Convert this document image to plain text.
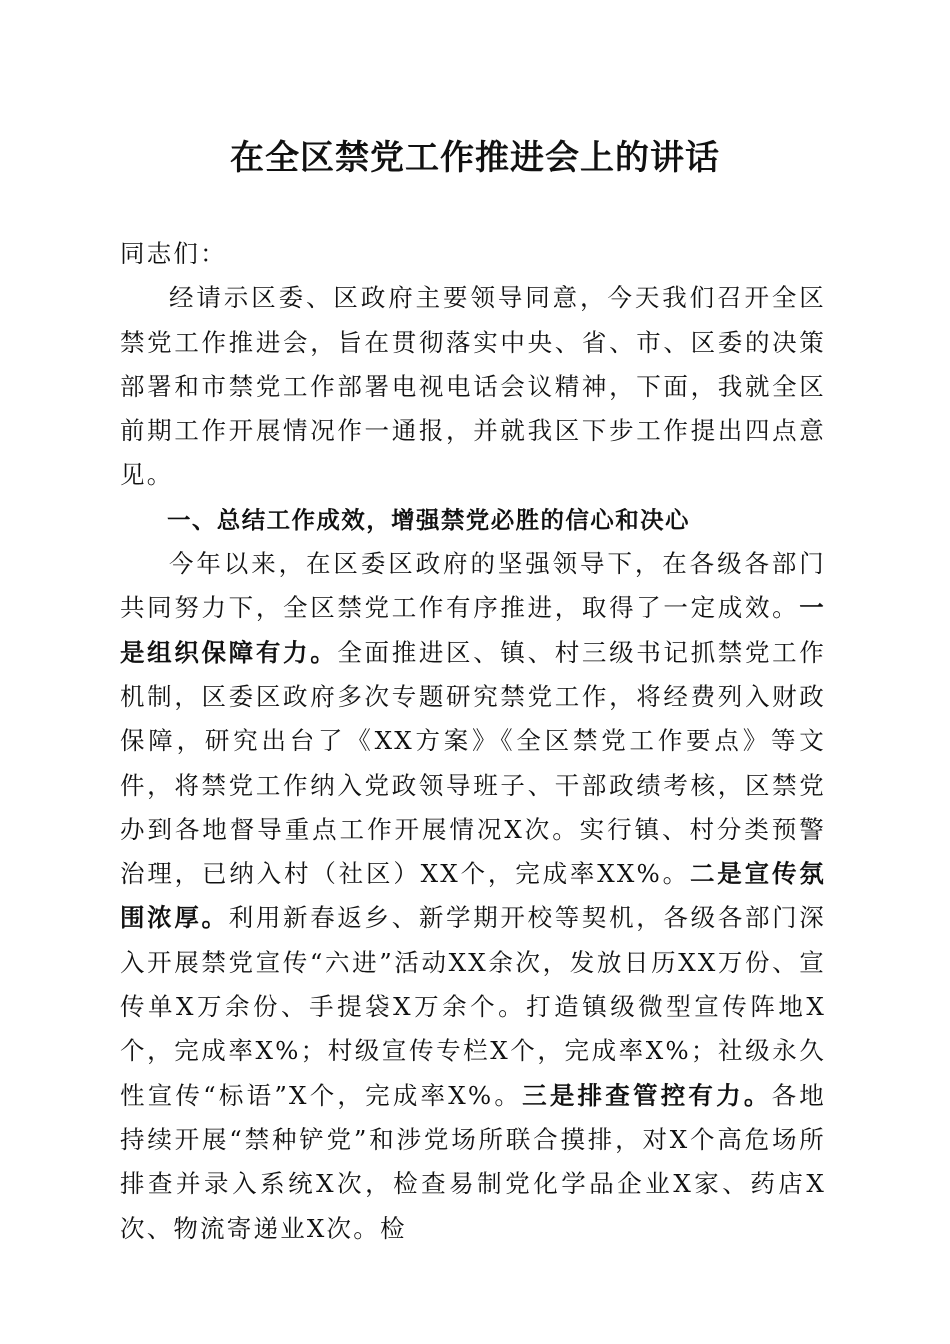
在全区禁党工作推进会上的讲话

同志们：

经请示区委、区政府主要领导同意，今天我们召开全区禁党工作推进会，旨在贯彻落实中央、省、市、区委的决策部署和市禁党工作部署电视电话会议精神，下面，我就全区前期工作开展情况作一通报，并就我区下步工作提出四点意见。

一、总结工作成效，增强禁党必胜的信心和决心

今年以来，在区委区政府的坚强领导下，在各级各部门共同努力下，全区禁党工作有序推进，取得了一定成效。一是组织保障有力。全面推进区、镇、村三级书记抓禁党工作机制，区委区政府多次专题研究禁党工作，将经费列入财政保障，研究出台了《XX方案》《全区禁党工作要点》等文件，将禁党工作纳入党政领导班子、干部政绩考核，区禁党办到各地督导重点工作开展情况X次。实行镇、村分类预警治理，已纳入村（社区）XX个，完成率XX%。二是宣传氛围浓厚。利用新春返乡、新学期开校等契机，各级各部门深入开展禁党宣传“六进”活动XX余次，发放日历XX万份、宣传单X万余份、手提袋X万余个。打造镇级微型宣传阵地X个，完成率X%；村级宣传专栏X个，完成率X%；社级永久性宣传“标语”X个，完成率X%。三是排查管控有力。各地持续开展“禁种铲党”和涉党场所联合摸排，对X个高危场所排查并录入系统X次，检查易制党化学品企业X家、药店X次、物流寄递业X次。检
